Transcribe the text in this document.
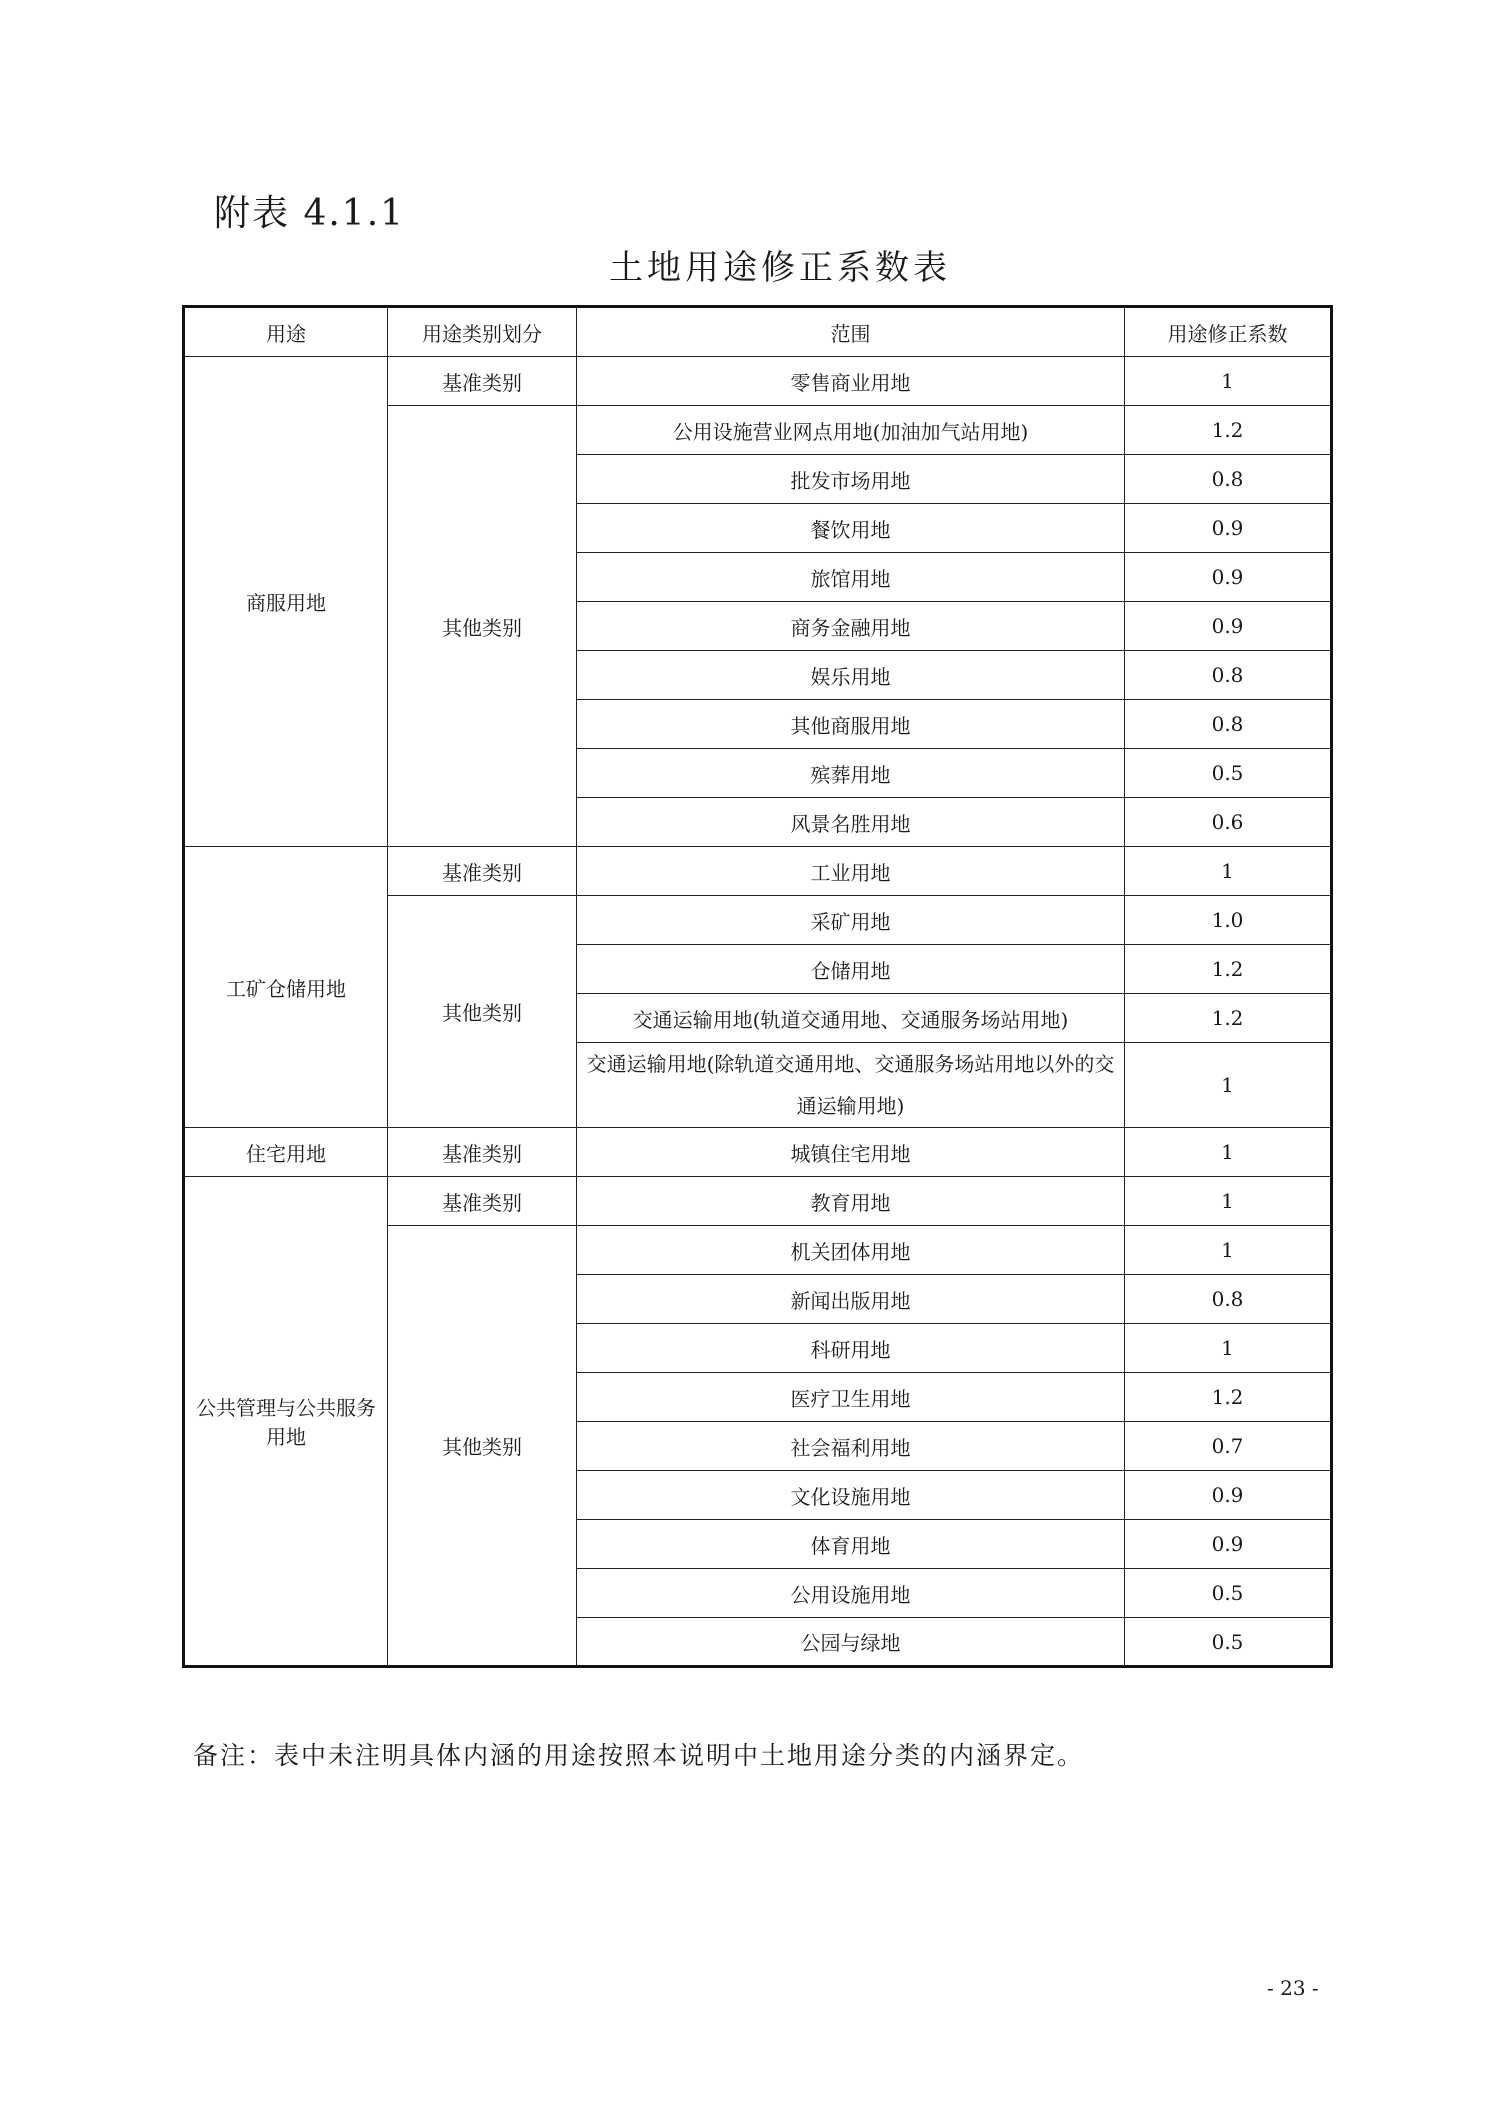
附表 4.1.1
土地用途修正系数表
用途	用途类别划分	范围	用途修正系数
商服用地	基准类别	零售商业用地	1
	其他类别	公用设施营业网点用地(加油加气站用地)	1.2
		批发市场用地	0.8
		餐饮用地	0.9
		旅馆用地	0.9
		商务金融用地	0.9
		娱乐用地	0.8
		其他商服用地	0.8
		殡葬用地	0.5
		风景名胜用地	0.6
工矿仓储用地	基准类别	工业用地	1
	其他类别	采矿用地	1.0
		仓储用地	1.2
		交通运输用地(轨道交通用地、交通服务场站用地)	1.2
		交通运输用地(除轨道交通用地、交通服务场站用地以外的交通运输用地)	1
住宅用地	基准类别	城镇住宅用地	1
公共管理与公共服务用地	基准类别	教育用地	1
	其他类别	机关团体用地	1
		新闻出版用地	0.8
		科研用地	1
		医疗卫生用地	1.2
		社会福利用地	0.7
		文化设施用地	0.9
		体育用地	0.9
		公用设施用地	0.5
		公园与绿地	0.5
备注：表中未注明具体内涵的用途按照本说明中土地用途分类的内涵界定。
- 23 -
